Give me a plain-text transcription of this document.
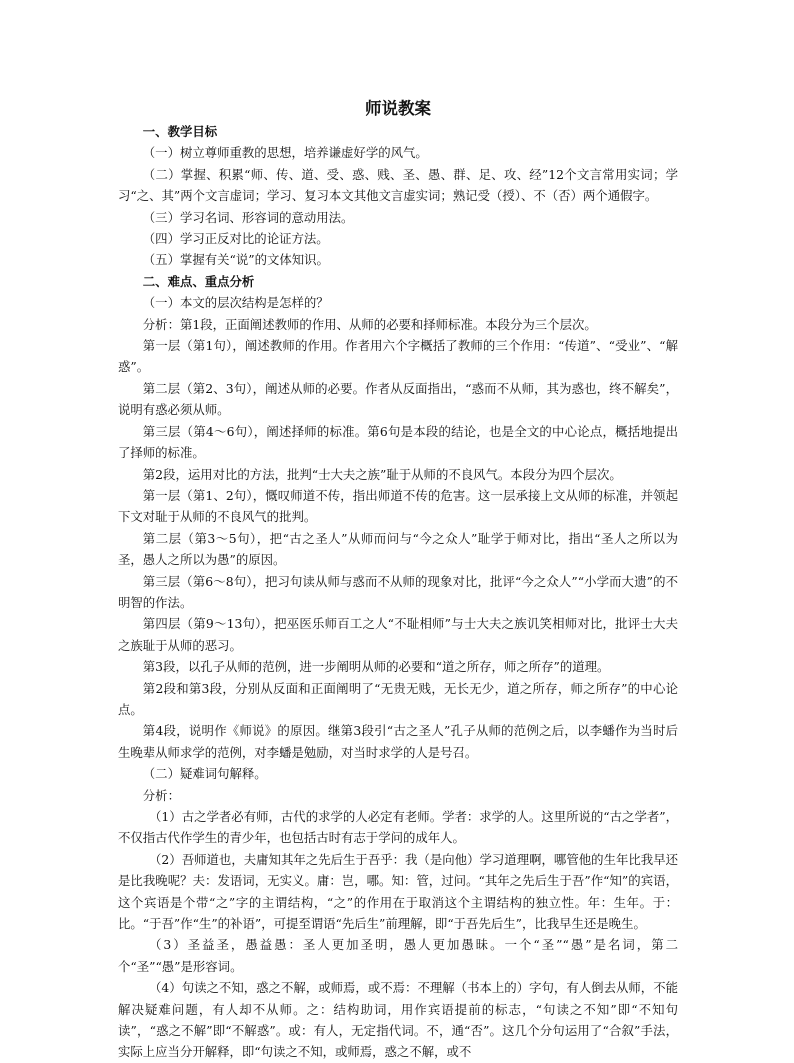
师说教案

一、教学目标

（一）树立尊师重教的思想，培养谦虚好学的风气。

（二）掌握、积累“师、传、道、受、惑、贱、圣、愚、群、足、攻、经”12个文言常用实词；学习“之、其”两个文言虚词；学习、复习本文其他文言虚实词；熟记受（授）、不（否）两个通假字。

（三）学习名词、形容词的意动用法。

（四）学习正反对比的论证方法。

（五）掌握有关“说”的文体知识。

二、难点、重点分析

（一）本文的层次结构是怎样的？

分析：第1段，正面阐述教师的作用、从师的必要和择师标准。本段分为三个层次。

第一层（第1句），阐述教师的作用。作者用六个字概括了教师的三个作用：“传道”、“受业”、“解惑”。

第二层（第2、3句），阐述从师的必要。作者从反面指出，“惑而不从师，其为惑也，终不解矣”，说明有惑必须从师。

第三层（第4～6句），阐述择师的标准。第6句是本段的结论，也是全文的中心论点，概括地提出了择师的标准。

第2段，运用对比的方法，批判“士大夫之族”耻于从师的不良风气。本段分为四个层次。

第一层（第1、2句），慨叹师道不传，指出师道不传的危害。这一层承接上文从师的标准，并领起下文对耻于从师的不良风气的批判。

第二层（第3～5句），把“古之圣人”从师而问与“今之众人”耻学于师对比，指出“圣人之所以为圣，愚人之所以为愚”的原因。

第三层（第6～8句），把习句读从师与惑而不从师的现象对比，批评“今之众人”“小学而大遗”的不明智的作法。

第四层（第9～13句），把巫医乐师百工之人“不耻相师”与士大夫之族讥笑相师对比，批评士大夫之族耻于从师的恶习。

第3段，以孔子从师的范例，进一步阐明从师的必要和“道之所存，师之所存”的道理。

第2段和第3段，分别从反面和正面阐明了“无贵无贱，无长无少，道之所存，师之所存”的中心论点。

第4段，说明作《师说》的原因。继第3段引“古之圣人”孔子从师的范例之后，以李蟠作为当时后生晚辈从师求学的范例，对李蟠是勉励，对当时求学的人是号召。

（二）疑难词句解释。

分析：

（1）古之学者必有师，古代的求学的人必定有老师。学者：求学的人。这里所说的“古之学者”，不仅指古代作学生的青少年，也包括古时有志于学问的成年人。

（2）吾师道也，夫庸知其年之先后生于吾乎：我（是向他）学习道理啊，哪管他的生年比我早还是比我晚呢？夫：发语词，无实义。庸：岂，哪。知：管，过问。“其年之先后生于吾”作“知”的宾语，这个宾语是个带“之”字的主谓结构，“之”的作用在于取消这个主谓结构的独立性。年：生年。于：比。“于吾”作“生”的补语”，可提至谓语“先后生”前理解，即“于吾先后生”，比我早生还是晚生。

（3）圣益圣，愚益愚：圣人更加圣明，愚人更加愚昧。一个“圣”“愚”是名词，第二个“圣”“愚”是形容词。

（4）句读之不知，惑之不解，或师焉，或不焉：不理解（书本上的）字句，有人倒去从师，不能解决疑难问题，有人却不从师。之：结构助词，用作宾语提前的标志，“句读之不知”即“不知句读”，“惑之不解”即“不解惑”。或：有人，无定指代词。不，通“否”。这几个分句运用了“合叙”手法，实际上应当分开解释，即“句读之不知，或师焉，惑之不解，或不
